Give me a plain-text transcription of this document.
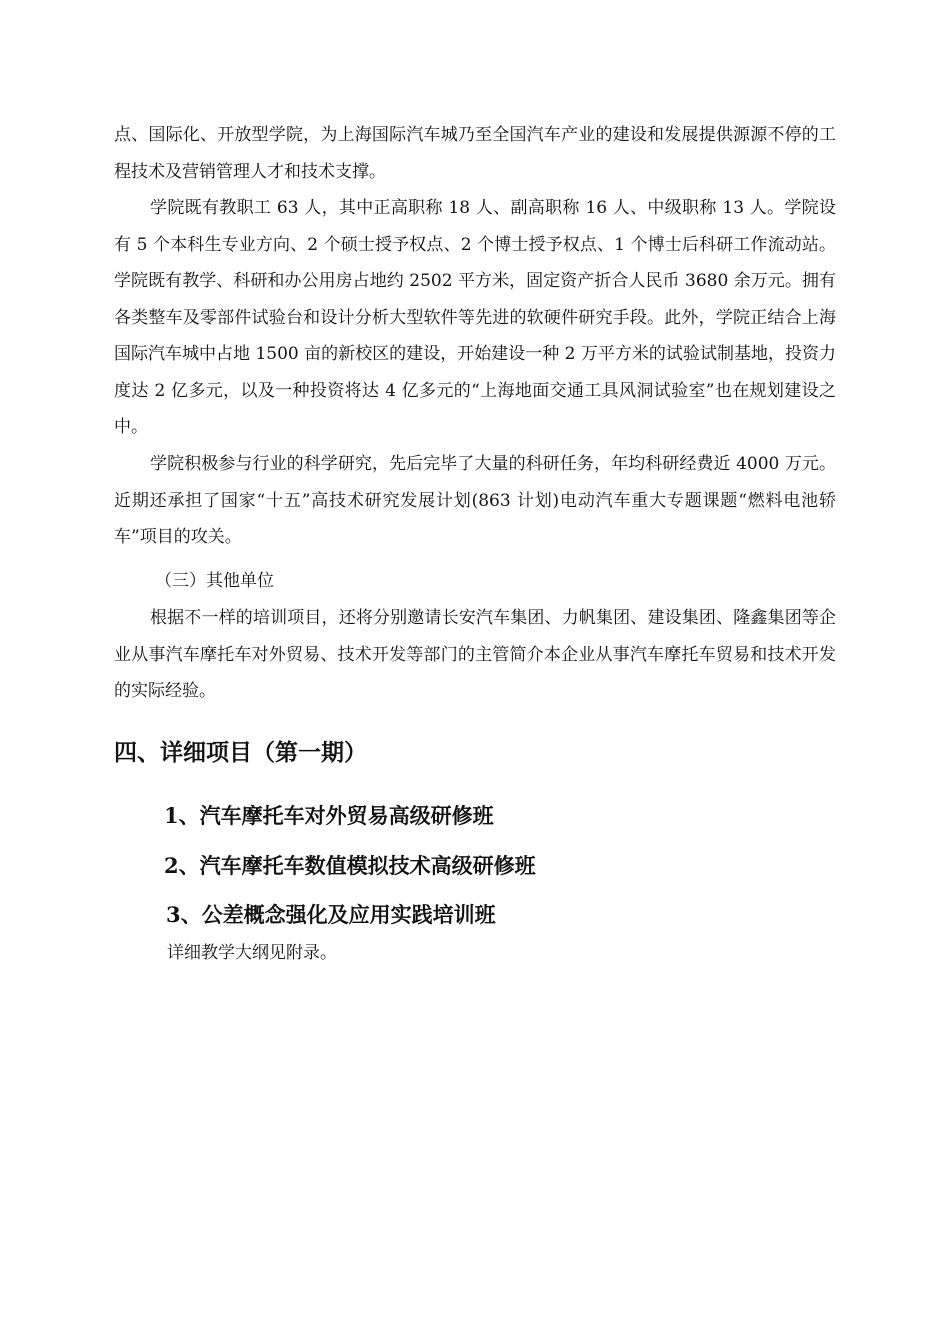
点、国际化、开放型学院，为上海国际汽车城乃至全国汽车产业的建设和发展提供源源不停的工程技术及营销管理人才和技术支撑。

学院既有教职工 63 人，其中正高职称 18 人、副高职称 16 人、中级职称 13 人。学院设有 5 个本科生专业方向、2 个硕士授予权点、2 个博士授予权点、1 个博士后科研工作流动站。学院既有教学、科研和办公用房占地约 2502 平方米，固定资产折合人民币 3680 余万元。拥有各类整车及零部件试验台和设计分析大型软件等先进的软硬件研究手段。此外，学院正结合上海国际汽车城中占地 1500 亩的新校区的建设，开始建设一种 2 万平方米的试验试制基地，投资力度达 2 亿多元，以及一种投资将达 4 亿多元的“上海地面交通工具风洞试验室”也在规划建设之中。

学院积极参与行业的科学研究，先后完毕了大量的科研任务，年均科研经费近 4000 万元。近期还承担了国家“十五”高技术研究发展计划(863 计划)电动汽车重大专题课题“燃料电池轿车”项目的攻关。

（三）其他单位

根据不一样的培训项目，还将分别邀请长安汽车集团、力帆集团、建设集团、隆鑫集团等企业从事汽车摩托车对外贸易、技术开发等部门的主管简介本企业从事汽车摩托车贸易和技术开发的实际经验。

四、详细项目（第一期）

1、汽车摩托车对外贸易高级研修班

2、汽车摩托车数值模拟技术高级研修班

3、公差概念强化及应用实践培训班

详细教学大纲见附录。
